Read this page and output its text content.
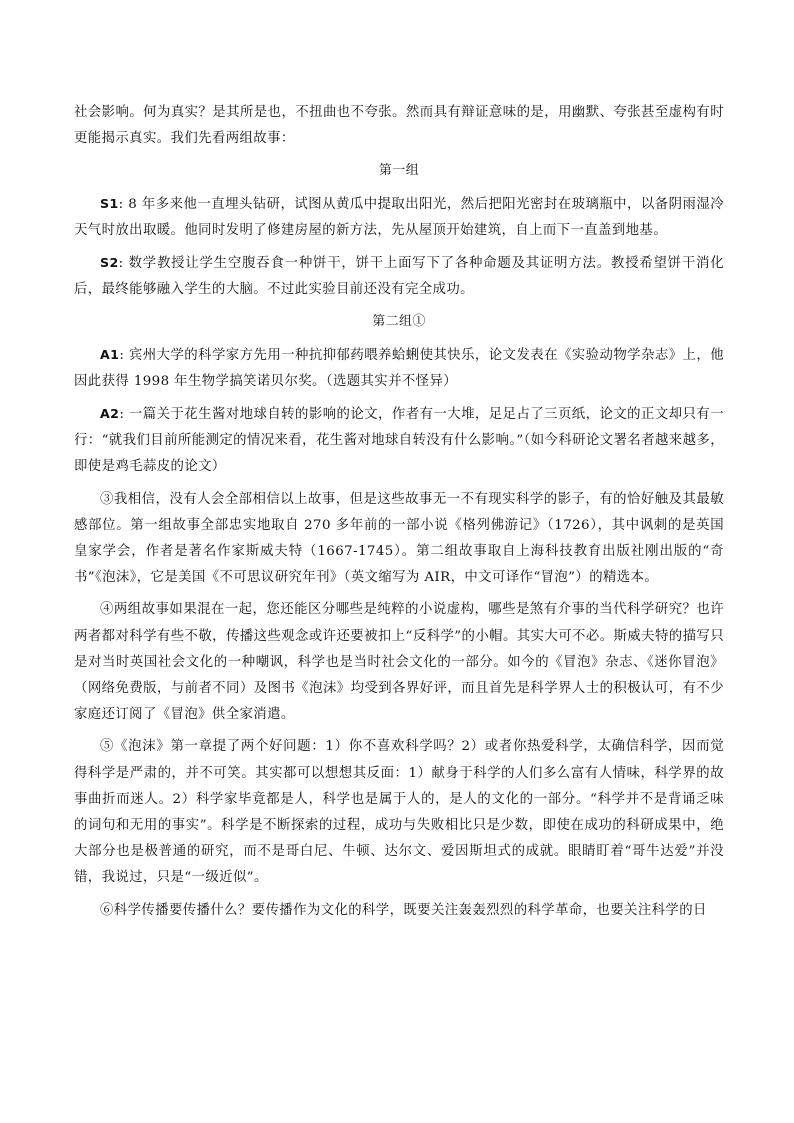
社会影响。何为真实？是其所是也，不扭曲也不夸张。然而具有辩证意味的是，用幽默、夸张甚至虚构有时更能揭示真实。我们先看两组故事：

第一组

S1: 8 年多来他一直埋头钻研，试图从黄瓜中提取出阳光，然后把阳光密封在玻璃瓶中，以备阴雨湿冷天气时放出取暖。他同时发明了修建房屋的新方法，先从屋顶开始建筑，自上而下一直盖到地基。

S2: 数学教授让学生空腹吞食一种饼干，饼干上面写下了各种命题及其证明方法。教授希望饼干消化后，最终能够融入学生的大脑。不过此实验目前还没有完全成功。

第二组①

A1: 宾州大学的科学家方先用一种抗抑郁药喂养蛤蜊使其快乐，论文发表在《实验动物学杂志》上，他因此获得 1998 年生物学搞笑诺贝尔奖。（选题其实并不怪异）

A2: 一篇关于花生酱对地球自转的影响的论文，作者有一大堆，足足占了三页纸，论文的正文却只有一行：“就我们目前所能测定的情况来看，花生酱对地球自转没有什么影响。”（如今科研论文署名者越来越多，即使是鸡毛蒜皮的论文）

③我相信，没有人会全部相信以上故事，但是这些故事无一不有现实科学的影子，有的恰好触及其最敏感部位。第一组故事全部忠实地取自 270 多年前的一部小说《格列佛游记》（1726），其中讽刺的是英国皇家学会，作者是著名作家斯威夫特（1667-1745）。第二组故事取自上海科技教育出版社刚出版的“奇书”《泡沫》，它是美国《不可思议研究年刊》（英文缩写为 AIR，中文可译作“冒泡”）的精选本。

④两组故事如果混在一起，您还能区分哪些是纯粹的小说虚构，哪些是煞有介事的当代科学研究？也许两者都对科学有些不敬，传播这些观念或许还要被扣上“反科学”的小帽。其实大可不必。斯威夫特的描写只是对当时英国社会文化的一种嘲讽，科学也是当时社会文化的一部分。如今的《冒泡》杂志、《迷你冒泡》（网络免费版，与前者不同）及图书《泡沫》均受到各界好评，而且首先是科学界人士的积极认可，有不少家庭还订阅了《冒泡》供全家消遣。

⑤《泡沫》第一章提了两个好问题：1）你不喜欢科学吗？2）或者你热爱科学，太确信科学，因而觉得科学是严肃的，并不可笑。其实都可以想想其反面：1）献身于科学的人们多么富有人情味，科学界的故事曲折而迷人。2）科学家毕竟都是人，科学也是属于人的，是人的文化的一部分。“科学并不是背诵乏味的词句和无用的事实”。科学是不断探索的过程，成功与失败相比只是少数，即使在成功的科研成果中，绝大部分也是极普通的研究，而不是哥白尼、牛顿、达尔文、爱因斯坦式的成就。眼睛盯着“哥牛达爱”并没错，我说过，只是“一级近似”。

⑥科学传播要传播什么？要传播作为文化的科学，既要关注轰轰烈烈的科学革命，也要关注科学的日
